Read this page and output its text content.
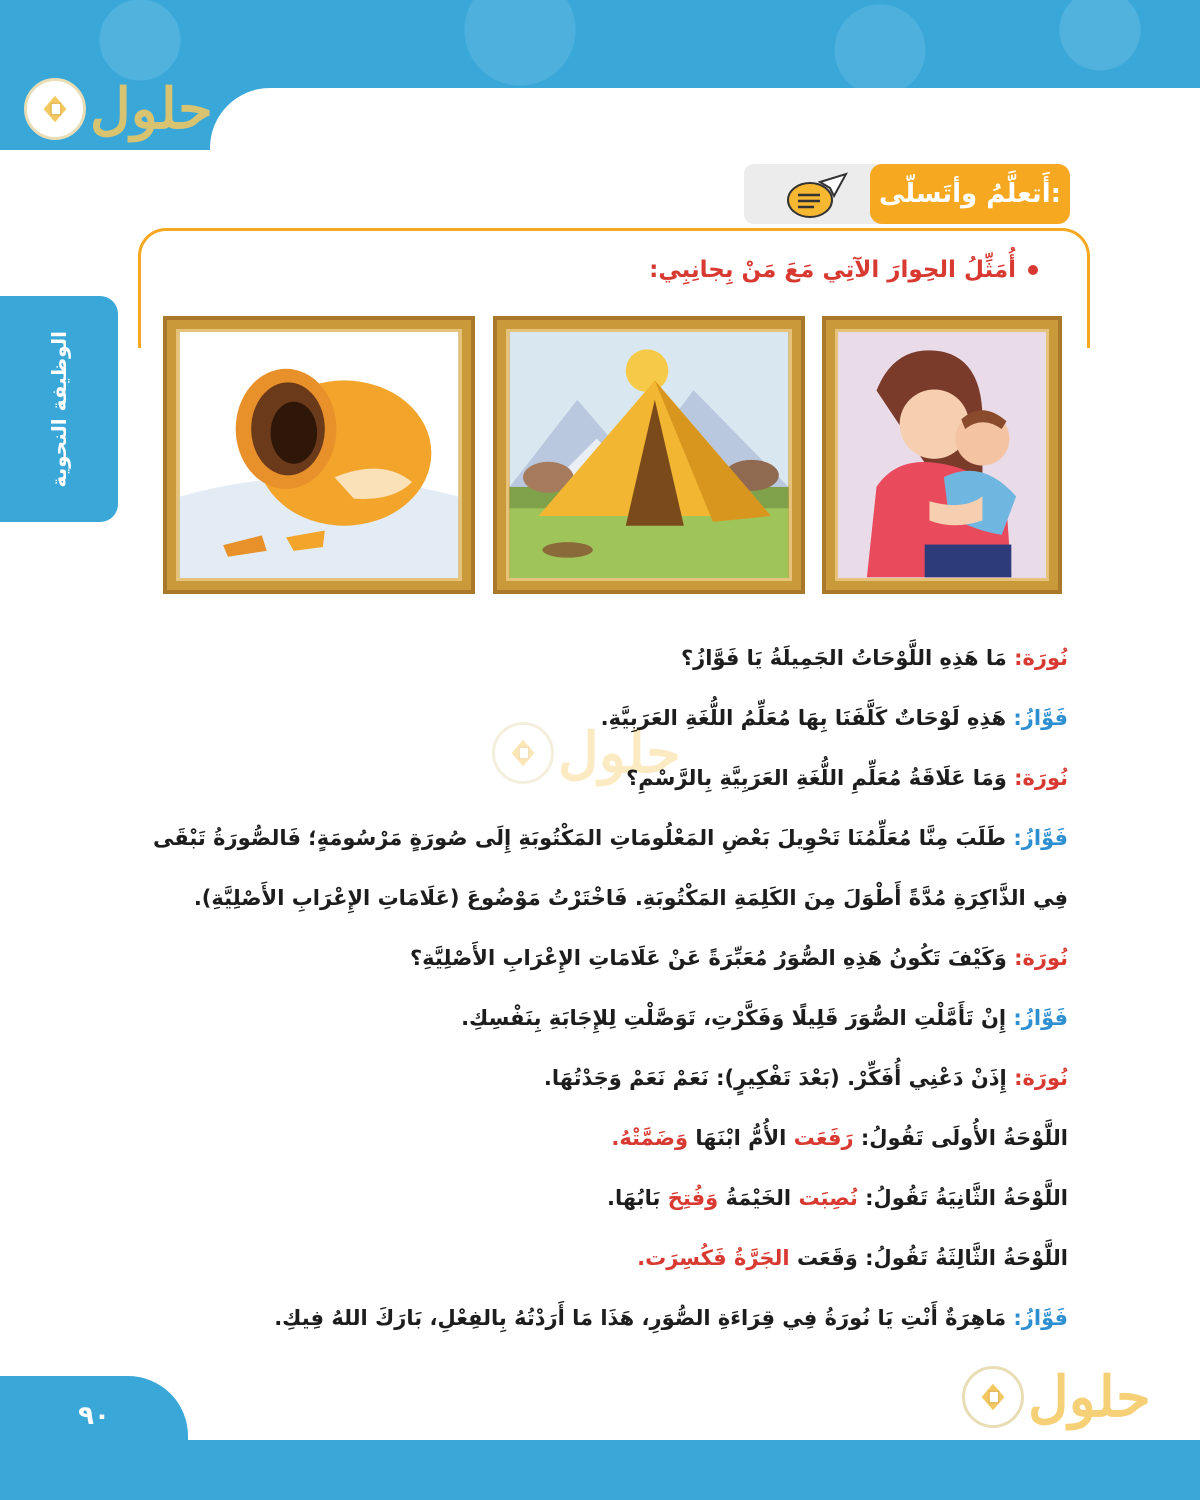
حلول
حلول
حلول
الوظيفة النحوية
أَتعلَّمُ وأتَسلّى:
أُمَثِّلُ الحِوارَ الآتِي مَعَ مَنْ بِجانِبِي:
نُورَة: مَا هَذِهِ اللَّوْحَاتُ الجَمِيلَةُ يَا فَوَّازُ؟
فَوَّازُ: هَذِهِ لَوْحَاتٌ كَلَّفَنَا بِهَا مُعَلِّمُ اللُّغَةِ العَرَبِيَّةِ.
نُورَة: وَمَا عَلَاقَةُ مُعَلِّمِ اللُّغَةِ العَرَبِيَّةِ بِالرَّسْمِ؟
فَوَّازُ: طَلَبَ مِنَّا مُعَلِّمُنَا تَحْوِيلَ بَعْضِ المَعْلُومَاتِ المَكْتُوبَةِ إِلَى صُورَةٍ مَرْسُومَةٍ؛ فَالصُّورَةُ تَبْقَى
فِي الذَّاكِرَةِ مُدَّةً أَطْوَلَ مِنَ الكَلِمَةِ المَكْتُوبَةِ. فَاخْتَرْتُ مَوْضُوعَ (عَلَامَاتِ الإِعْرَابِ الأَصْلِيَّةِ).
نُورَة: وَكَيْفَ تَكُونُ هَذِهِ الصُّوَرُ مُعَبِّرَةً عَنْ عَلَامَاتِ الإِعْرَابِ الأَصْلِيَّةِ؟
فَوَّازُ: إِنْ تَأَمَّلْتِ الصُّوَرَ قَلِيلًا وَفَكَّرْتِ، تَوَصَّلْتِ لِلإِجَابَةِ بِنَفْسِكِ.
نُورَة: إِذَنْ دَعْنِي أُفَكِّرْ. (بَعْدَ تَفْكِيرٍ): نَعَمْ نَعَمْ وَجَدْتُهَا.
اللَّوْحَةُ الأُولَى تَقُولُ: رَفَعَت الأُمُّ ابْنَهَا وَضَمَّتْهُ.
اللَّوْحَةُ الثَّانِيَةُ تَقُولُ: نُصِبَت الخَيْمَةُ وَفُتِحَ بَابُهَا.
اللَّوْحَةُ الثَّالِثَةُ تَقُولُ: وَقَعَت الجَرَّةُ فَكُسِرَت.
فَوَّازُ: مَاهِرَةٌ أَنْتِ يَا نُورَةُ فِي قِرَاءَةِ الصُّوَرِ، هَذَا مَا أَرَدْتُهُ بِالفِعْلِ، بَارَكَ اللهُ فِيكِ.
٩٠
